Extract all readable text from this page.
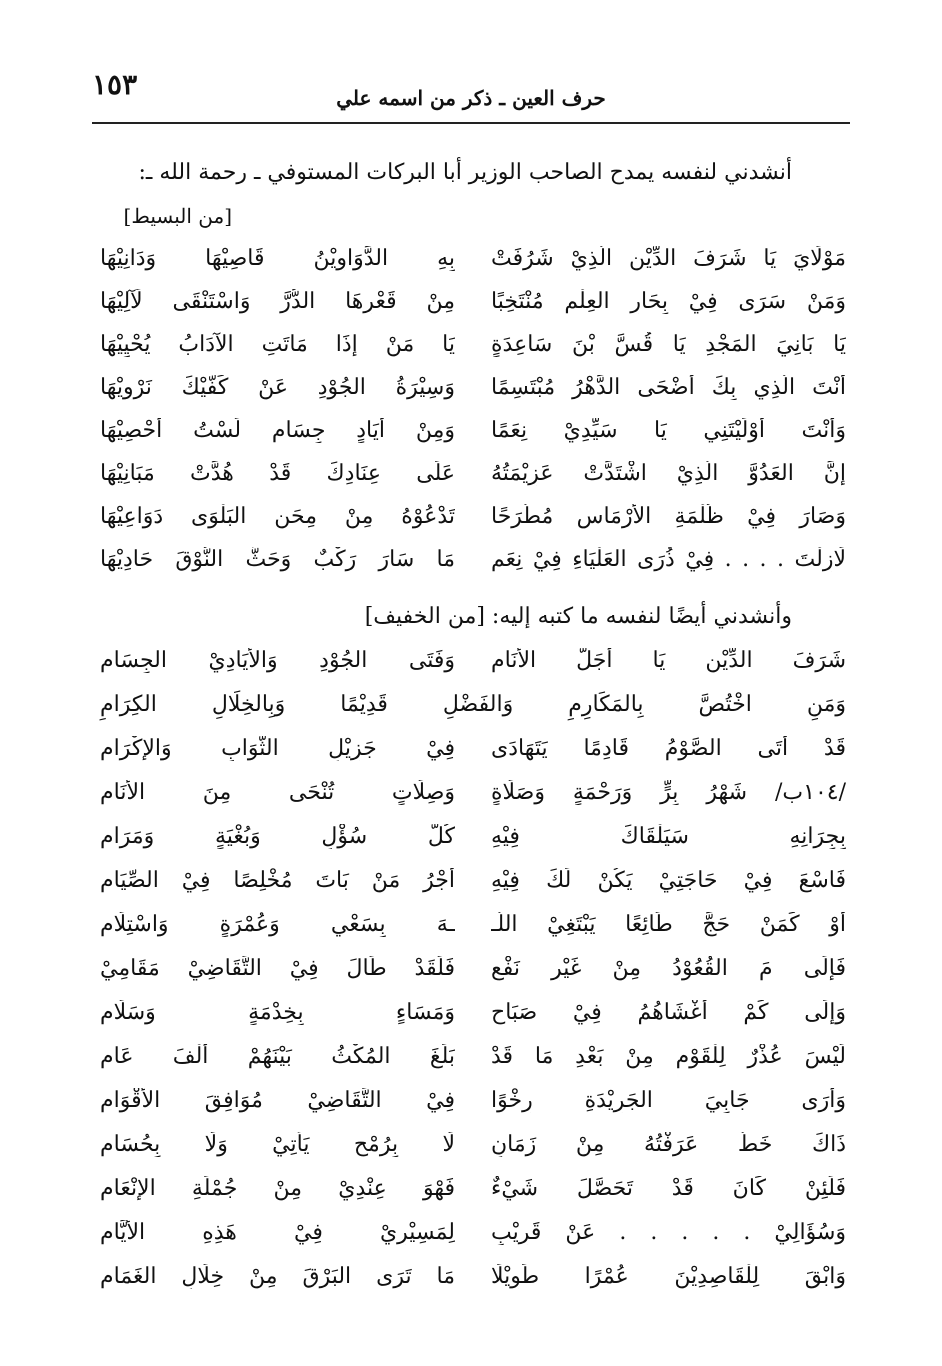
حرف العين ـ ذكر من اسمه علي
١٥٣
أنشدني لنفسه يمدح الصاحب الوزير أبا البركات المستوفي ـ رحمة الله ـ:
[من البسيط]
مَوْلَايَ يَا شَرَفَ الدِّيْنِ الَّذِيْ شَرُفَتْ
بِهِ الدَّوَاوِيْنُ قَاصِيْهَا وَدَانِيْهَا
وَمَنْ سَرَى فِيْ بِحَارِ العِلْمِ مُنْتَخِبًا
مِنْ قَعْرِهَا الدُّرَّ وَاسْتَنْقَى لَآلِيْهَا
يَا بَانِيَ المَجْدِ يَا قُسَّ بْنَ سَاعِدَةٍ
يَا مَنْ إِذَا مَاتَتِ الآدَابُ يُحْيِيْهَا
أَنْتَ الَّذِي بِكَ أَضْحَى الدَّهْرُ مُبْتَسِمًا
وَسِيْرَةُ الجُوْدِ عَنْ كَفَّيْكَ نَرْوِيْهَا
وَأَنْتَ أَوْلَيْتَنِي يَا سَيِّدِيْ نِعَمًا
وَمِنْ أَيَادٍ جِسَامٍ لَسْتُ أُحْصِيْهَا
إِنَّ العَدُوَّ الَّذِيْ اشْتَدَّتْ عَزِيْمَتُهُ
عَلَى عِنَادِكَ قَدْ هُدَّتْ مَبَانِيْهَا
وَصَارَ فِيْ ظُلْمَةِ الأَرْمَاسِ مُطَّرَحًا
تَدْعُوْهُ مِنْ مِحَنِ البَلْوَى دَوَاعِيْهَا
لَازِلْتَ . . . . فِيْ ذُرَى العَلْيَاءِ فِيْ نِعَمٍ
مَا سَارَ رَكْبٌ وَحَثَّ النُّوْقَ حَادِيْهَا
وأنشدني أيضًا لنفسه ما كتبه إليه: [من الخفيف]
شَرَفَ الدِّيْنِ يَا أَجَلَّ الأَنَامِ
وَفَتَى الجُوْدِ وَالأَيَادِيْ الجِسَامِ
وَمَنِ اخْتُصَّ بِالمَكَارِمِ وَالفَضْلِ قَدِيْمًا وَبِالخِلَالِ الكِرَامِ
قَدْ أَتَى الصَّوْمُ قَادِمًا يَتَهَادَى
فِيْ جَزِيْلِ الثَّوَابِ وَالإِكْرَامِ
/١٠٤ب/ شَهْرُ بِرٍّ وَرَحْمَةٍ وَصَلَاةٍ
وَصِلَاتٍ تُنْحَى مِنَ الأَنَامِ
بِجِرَانِهِ سَيَلْقَاكَ فِيْهِ
كُلُّ سُؤْلٍ وَبُغْيَةٍ وَمَرَامِ
فَاسْعَ فِيْ حَاجَتِيْ يَكُنْ لَكَ فِيْهِ
أَجْرُ مَنْ بَاتَ مُخْلِصًا فِيْ الصِّيَامِ
أَوْ كَمَنْ حَجَّ طَائِعًا يَبْتَغِيْ اللَّـ
ـهَ بِسَعْيٍ وَعُمْرَةٍ وَاسْتِلَامِ
فَإِلَى مَ القُعُوْدُ مِنْ غَيْرِ نَفْعٍ
فَلَقَدْ طَالَ فِيْ التَّقَاضِيْ مَقَامِيْ
وَإِلَى كَمْ أَغْشَاهُمُ فِيْ صَبَاحٍ
وَمَسَاءٍ بِخِدْمَةٍ وَسَلَامِ
لَيْسَ عُذْرٌ لِلْقَوْمِ مِنْ بَعْدِ مَا قَدْ
بَلَغَ المُكْثُ بَيْنَهُمْ أَلْفَ عَامِ
وَأَرَى جَابِيَ الجَرِيْدَةِ رِخْوًا
فِيْ التَّقَاضِيْ مُوَافِقَ الأَقْوَامِ
ذَاكَ خَطٌّ عَرَفْتُهُ مِنْ زَمَانٍ
لَا بِرُمْحٍ يَأْتِيْ وَلَا بِحُسَامِ
فَلَئِنْ كَانَ قَدْ تَحَصَّلَ شَيْءٌ
فَهْوَ عِنْدِيْ مِنْ جُمْلَةِ الإِنْعَامِ
وَسُؤَالِيْ . . . . . عَنْ قَرِيْبٍ
لِمَسِيْرِيْ فِيْ هَذِهِ الأَيَّامِ
وَابْقَ لِلْقَاصِدِيْنَ عُمْرًا طَوِيْلًا
مَا تَرَى البَرْقَ مِنْ خِلَالِ الغَمَامِ
